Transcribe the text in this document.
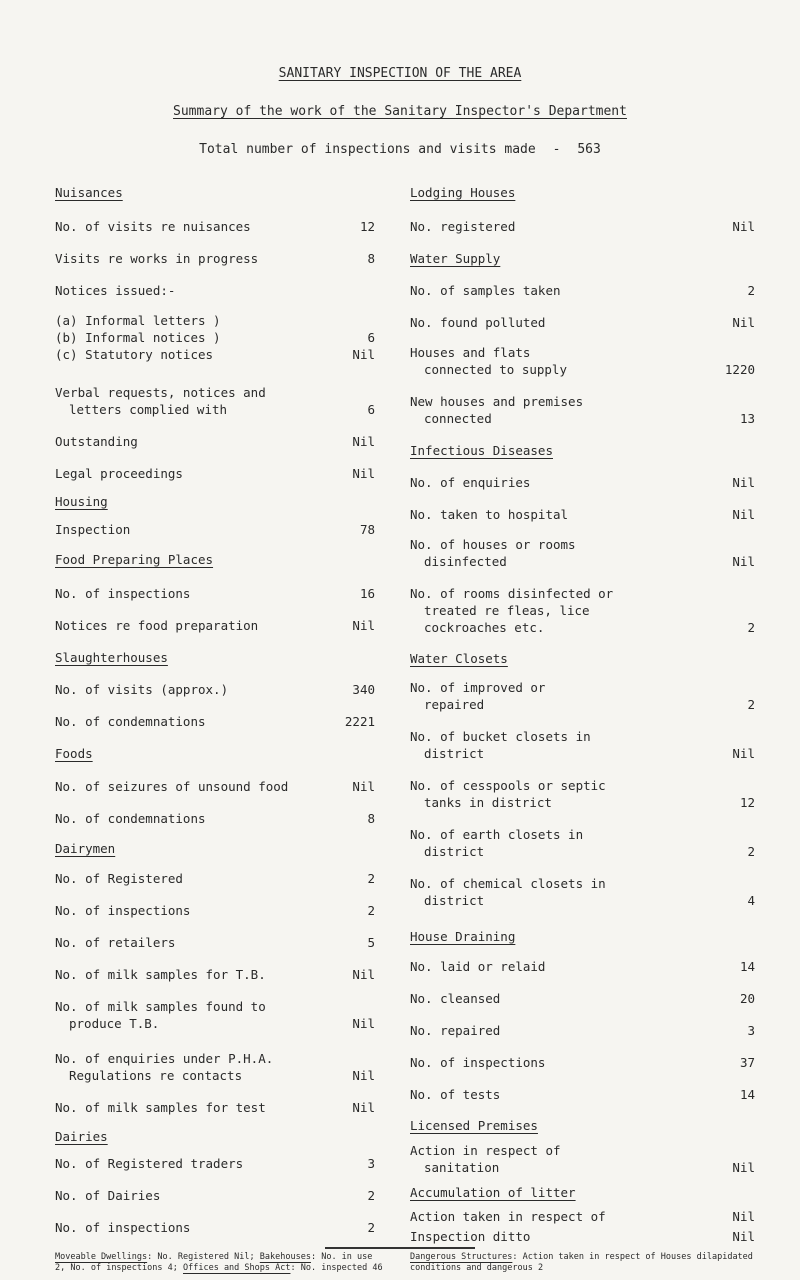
SANITARY INSPECTION OF THE AREA
Summary of the work of the Sanitary Inspector's Department
Total number of inspections and visits made - 563
Nuisances
No. of visits re nuisances	12
Visits re works in progress	8
Notices issued:-
(a) Informal letters )
(b) Informal notices )	6
(c) Statutory notices	Nil
Verbal requests, notices and
letters complied with	6
Outstanding	Nil
Legal proceedings	Nil
Housing
Inspection	78
Food Preparing Places
No. of inspections	16
Notices re food preparation	Nil
Slaughterhouses
No. of visits (approx.)	340
No. of condemnations	2221
Foods
No. of seizures of unsound food	Nil
No. of condemnations	8
Dairymen
No. of Registered	2
No. of inspections	2
No. of retailers	5
No. of milk samples for T.B.	Nil
No. of milk samples found to
produce T.B.	Nil
No. of enquiries under P.H.A.
Regulations re contacts	Nil
No. of milk samples for test	Nil
Dairies
No. of Registered traders	3
No. of Dairies	2
No. of inspections	2
Lodging Houses
No. registered	Nil
Water Supply
No. of samples taken	2
No. found polluted	Nil
Houses and flats
connected to supply	1220
New houses and premises
connected	13
Infectious Diseases
No. of enquiries	Nil
No. taken to hospital	Nil
No. of houses or rooms
disinfected	Nil
No. of rooms disinfected or
treated re fleas, lice
cockroaches etc.	2
Water Closets
No. of improved or
repaired	2
No. of bucket closets in
district	Nil
No. of cesspools or septic
tanks in district	12
No. of earth closets in
district	2
No. of chemical closets in
district	4
House Draining
No. laid or relaid	14
No. cleansed	20
No. repaired	3
No. of inspections	37
No. of tests	14
Licensed Premises
Action in respect of
sanitation	Nil
Accumulation of litter
Action taken in respect of	Nil
Inspection ditto	Nil
Moveable Dwellings: No. Registered Nil; Bakehouses: No. in use 2, No. of inspections 4; Offices and Shops Act: No. inspected 46
Dangerous Structures: Action taken in respect of Houses dilapidated conditions and dangerous 2
